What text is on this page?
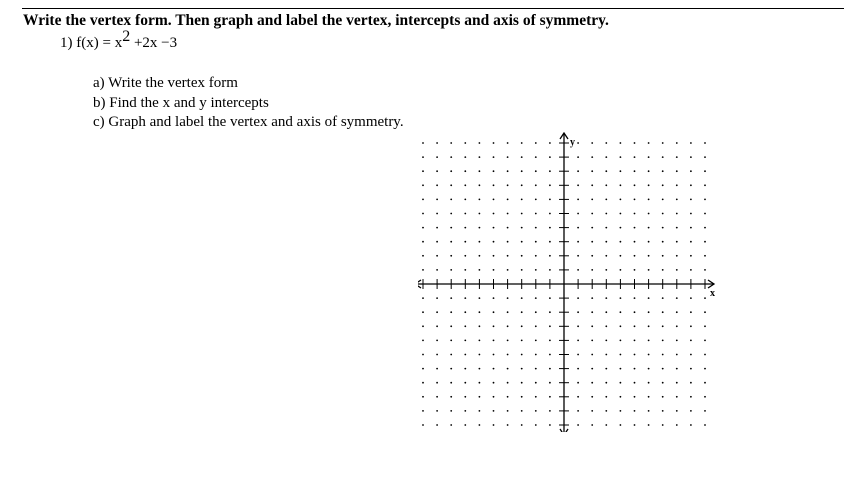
Write the vertex form. Then graph and label the vertex, intercepts and axis of symmetry.
1) $f(x) = x^2 +2x -3$
a) Write the vertex form
b) Find the x and y intercepts
c) Graph and label the vertex and axis of symmetry.
x
y
